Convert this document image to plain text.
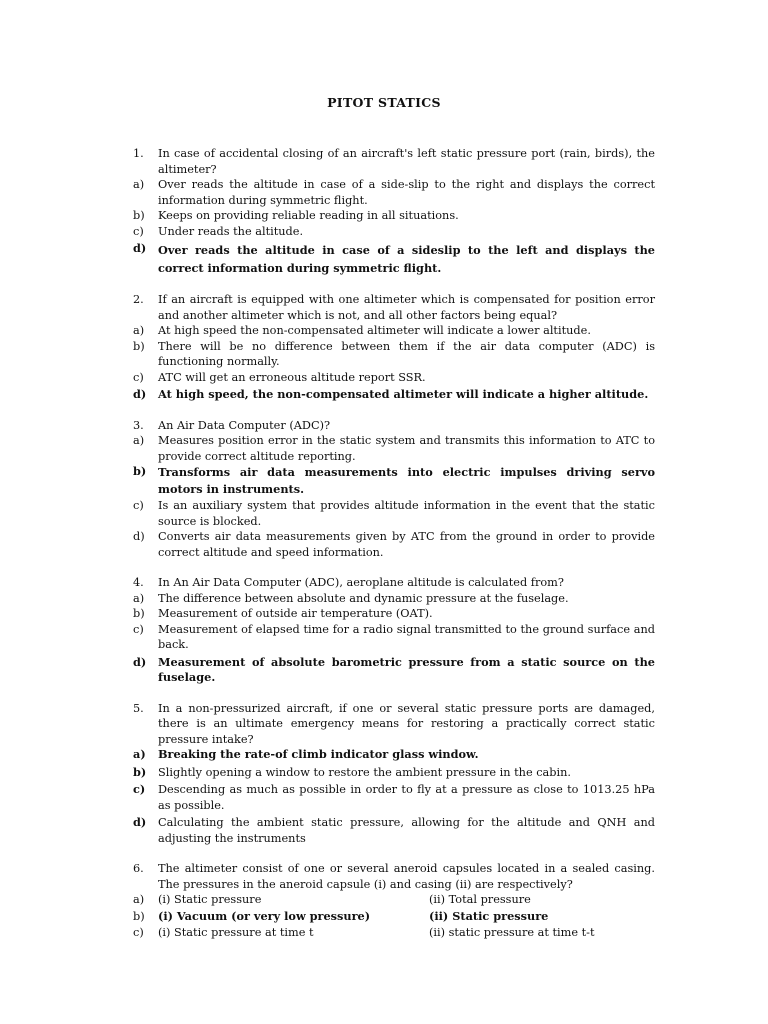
PITOT STATICS
1.	In case of accidental closing of an aircraft's left static pressure port (rain, birds), the altimeter?
a)	Over reads the altitude in case of a side-slip to the right and displays the correct information during symmetric flight.
b)	Keeps on providing reliable reading in all situations.
c)	Under reads the altitude.
d)	Over reads the altitude in case of a sideslip to the left and displays the correct information during symmetric flight.
2.	If an aircraft is equipped with one altimeter which is compensated for position error and another altimeter which is not, and all other factors being equal?
a)	At high speed the non-compensated altimeter will indicate a lower altitude.
b)	There will be no difference between them if the air data computer (ADC) is functioning normally.
c)	ATC will get an erroneous altitude report SSR.
d)	At high speed, the non-compensated altimeter will indicate a higher altitude.
3.	An Air Data Computer (ADC)?
a)	Measures position error in the static system and transmits this information to ATC to provide correct altitude reporting.
b)	Transforms air data measurements into electric impulses driving servo motors in instruments.
c)	Is an auxiliary system that provides altitude information in the event that the static source is blocked.
d)	Converts air data measurements given by ATC from the ground in order to provide correct altitude and speed information.
4.	In An Air Data Computer (ADC), aeroplane altitude is calculated from?
a)	The difference between absolute and dynamic pressure at the fuselage.
b)	Measurement of outside air temperature (OAT).
c)	Measurement of elapsed time for a radio signal transmitted to the ground surface and back.
d)	Measurement of absolute barometric pressure from a static source on the fuselage.
5.	In a non-pressurized aircraft, if one or several static pressure ports are damaged, there is an ultimate emergency means for restoring a practically correct static pressure intake?
a)	Breaking the rate-of climb indicator glass window.
b)	Slightly opening a window to restore the ambient pressure in the cabin.
c)	Descending as much as possible in order to fly at a pressure as close to 1013.25 hPa as possible.
d)	Calculating the ambient static pressure, allowing for the altitude and QNH and adjusting the instruments
6.	The altimeter consist of one or several aneroid capsules located in a sealed casing. The pressures in the aneroid capsule (i) and casing (ii) are respectively?
a)	(i) Static pressure	(ii) Total pressure
b)	(i) Vacuum (or very low pressure)	(ii) Static pressure
c)	(i) Static pressure at time t	(ii) static pressure at time t-t
